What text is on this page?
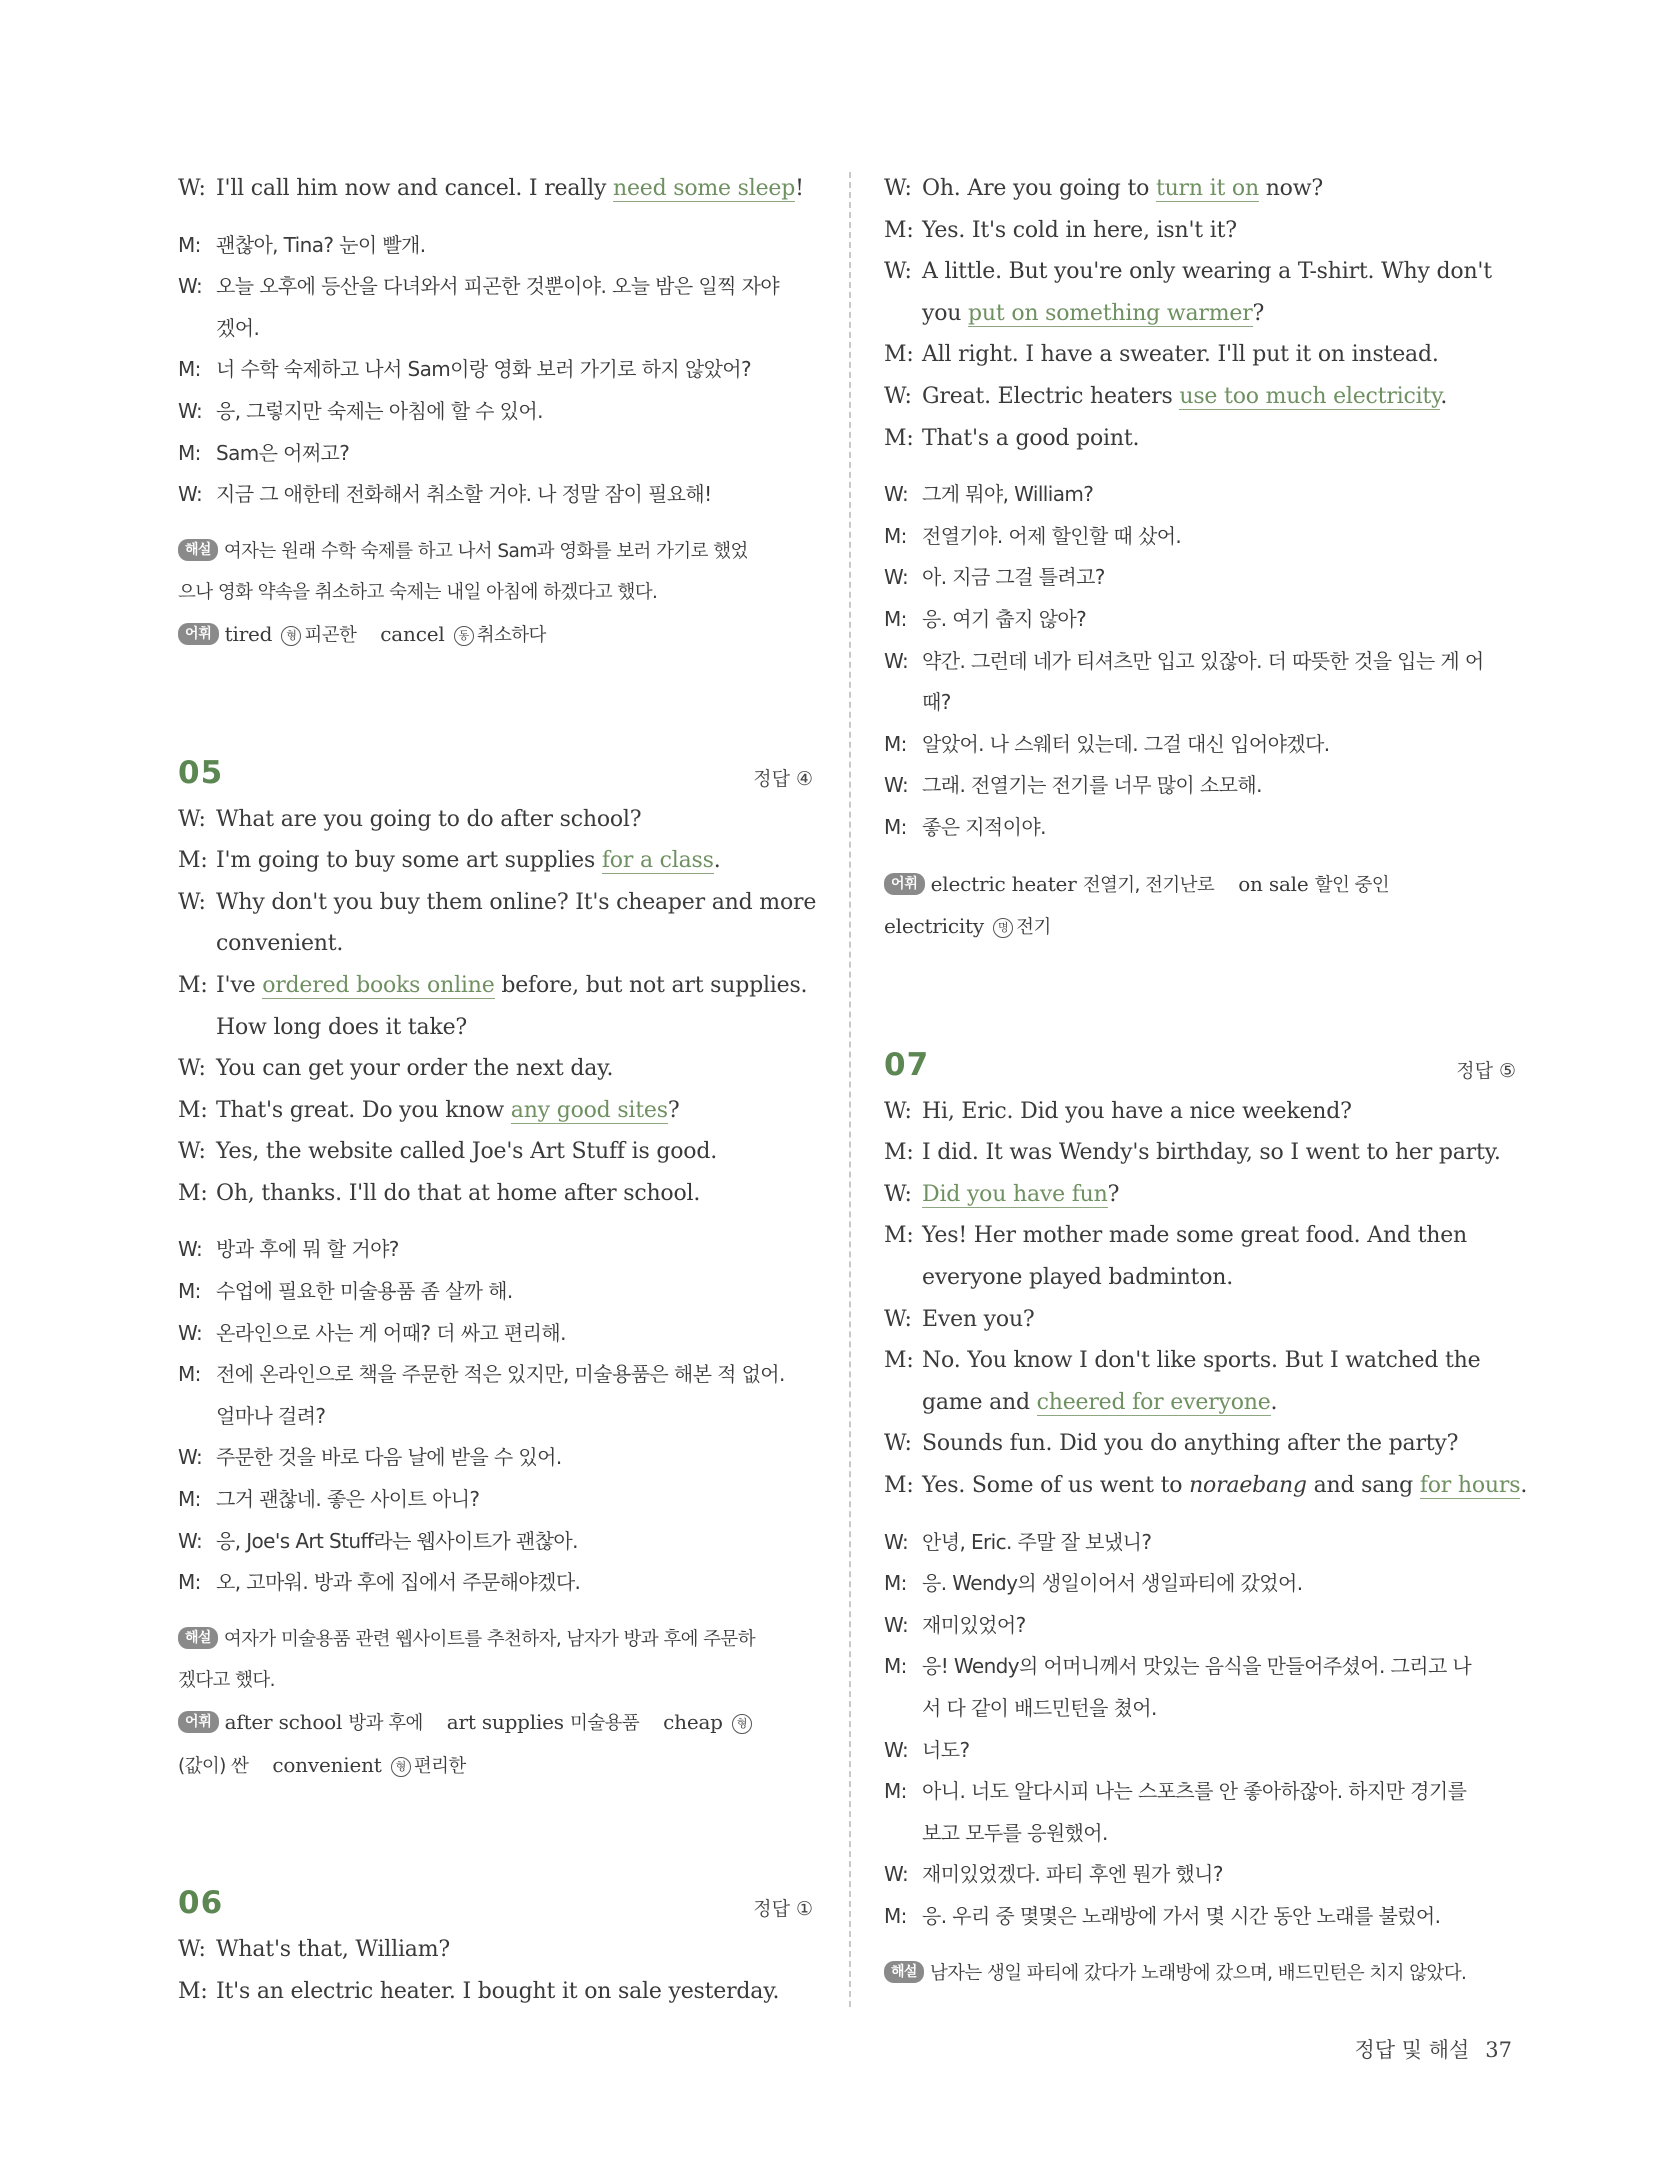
W: I'll call him now and cancel. I really need some sleep!
M: 괜찮아, Tina? 눈이 빨개.
W: 오늘 오후에 등산을 다녀와서 피곤한 것뿐이야. 오늘 밤은 일찍 자야
겠어.
M: 너 수학 숙제하고 나서 Sam이랑 영화 보러 가기로 하지 않았어?
W: 응, 그렇지만 숙제는 아침에 할 수 있어.
M: Sam은 어쩌고?
W: 지금 그 애한테 전화해서 취소할 거야. 나 정말 잠이 필요해!
해설 여자는 원래 수학 숙제를 하고 나서 Sam과 영화를 보러 가기로 했었
으나 영화 약속을 취소하고 숙제는 내일 아침에 하겠다고 했다.
어휘 tired 형 피곤한 cancel 동 취소하다
05	정답 ④
W: What are you going to do after school?
M: I'm going to buy some art supplies for a class.
W: Why don't you buy them online? It's cheaper and more
convenient.
M: I've ordered books online before, but not art supplies.
How long does it take?
W: You can get your order the next day.
M: That's great. Do you know any good sites?
W: Yes, the website called Joe's Art Stuff is good.
M: Oh, thanks. I'll do that at home after school.
W: 방과 후에 뭐 할 거야?
M: 수업에 필요한 미술용품 좀 살까 해.
W: 온라인으로 사는 게 어때? 더 싸고 편리해.
M: 전에 온라인으로 책을 주문한 적은 있지만, 미술용품은 해본 적 없어.
얼마나 걸려?
W: 주문한 것을 바로 다음 날에 받을 수 있어.
M: 그거 괜찮네. 좋은 사이트 아니?
W: 응, Joe's Art Stuff라는 웹사이트가 괜찮아.
M: 오, 고마워. 방과 후에 집에서 주문해야겠다.
해설 여자가 미술용품 관련 웹사이트를 추천하자, 남자가 방과 후에 주문하
겠다고 했다.
어휘 after school 방과 후에 art supplies 미술용품 cheap 형
(값이) 싼 convenient 형 편리한
06	정답 ①
W: What's that, William?
M: It's an electric heater. I bought it on sale yesterday.
W: Oh. Are you going to turn it on now?
M: Yes. It's cold in here, isn't it?
W: A little. But you're only wearing a T-shirt. Why don't
you put on something warmer?
M: All right. I have a sweater. I'll put it on instead.
W: Great. Electric heaters use too much electricity.
M: That's a good point.
W: 그게 뭐야, William?
M: 전열기야. 어제 할인할 때 샀어.
W: 아. 지금 그걸 틀려고?
M: 응. 여기 춥지 않아?
W: 약간. 그런데 네가 티셔츠만 입고 있잖아. 더 따뜻한 것을 입는 게 어
때?
M: 알았어. 나 스웨터 있는데. 그걸 대신 입어야겠다.
W: 그래. 전열기는 전기를 너무 많이 소모해.
M: 좋은 지적이야.
어휘 electric heater 전열기, 전기난로 on sale 할인 중인
electricity 명 전기
07	정답 ⑤
W: Hi, Eric. Did you have a nice weekend?
M: I did. It was Wendy's birthday, so I went to her party.
W: Did you have fun?
M: Yes! Her mother made some great food. And then
everyone played badminton.
W: Even you?
M: No. You know I don't like sports. But I watched the
game and cheered for everyone.
W: Sounds fun. Did you do anything after the party?
M: Yes. Some of us went to noraebang and sang for hours.
W: 안녕, Eric. 주말 잘 보냈니?
M: 응. Wendy의 생일이어서 생일파티에 갔었어.
W: 재미있었어?
M: 응! Wendy의 어머니께서 맛있는 음식을 만들어주셨어. 그리고 나
서 다 같이 배드민턴을 쳤어.
W: 너도?
M: 아니. 너도 알다시피 나는 스포츠를 안 좋아하잖아. 하지만 경기를
보고 모두를 응원했어.
W: 재미있었겠다. 파티 후엔 뭔가 했니?
M: 응. 우리 중 몇몇은 노래방에 가서 몇 시간 동안 노래를 불렀어.
해설 남자는 생일 파티에 갔다가 노래방에 갔으며, 배드민턴은 치지 않았다.
정답 및 해설 37
